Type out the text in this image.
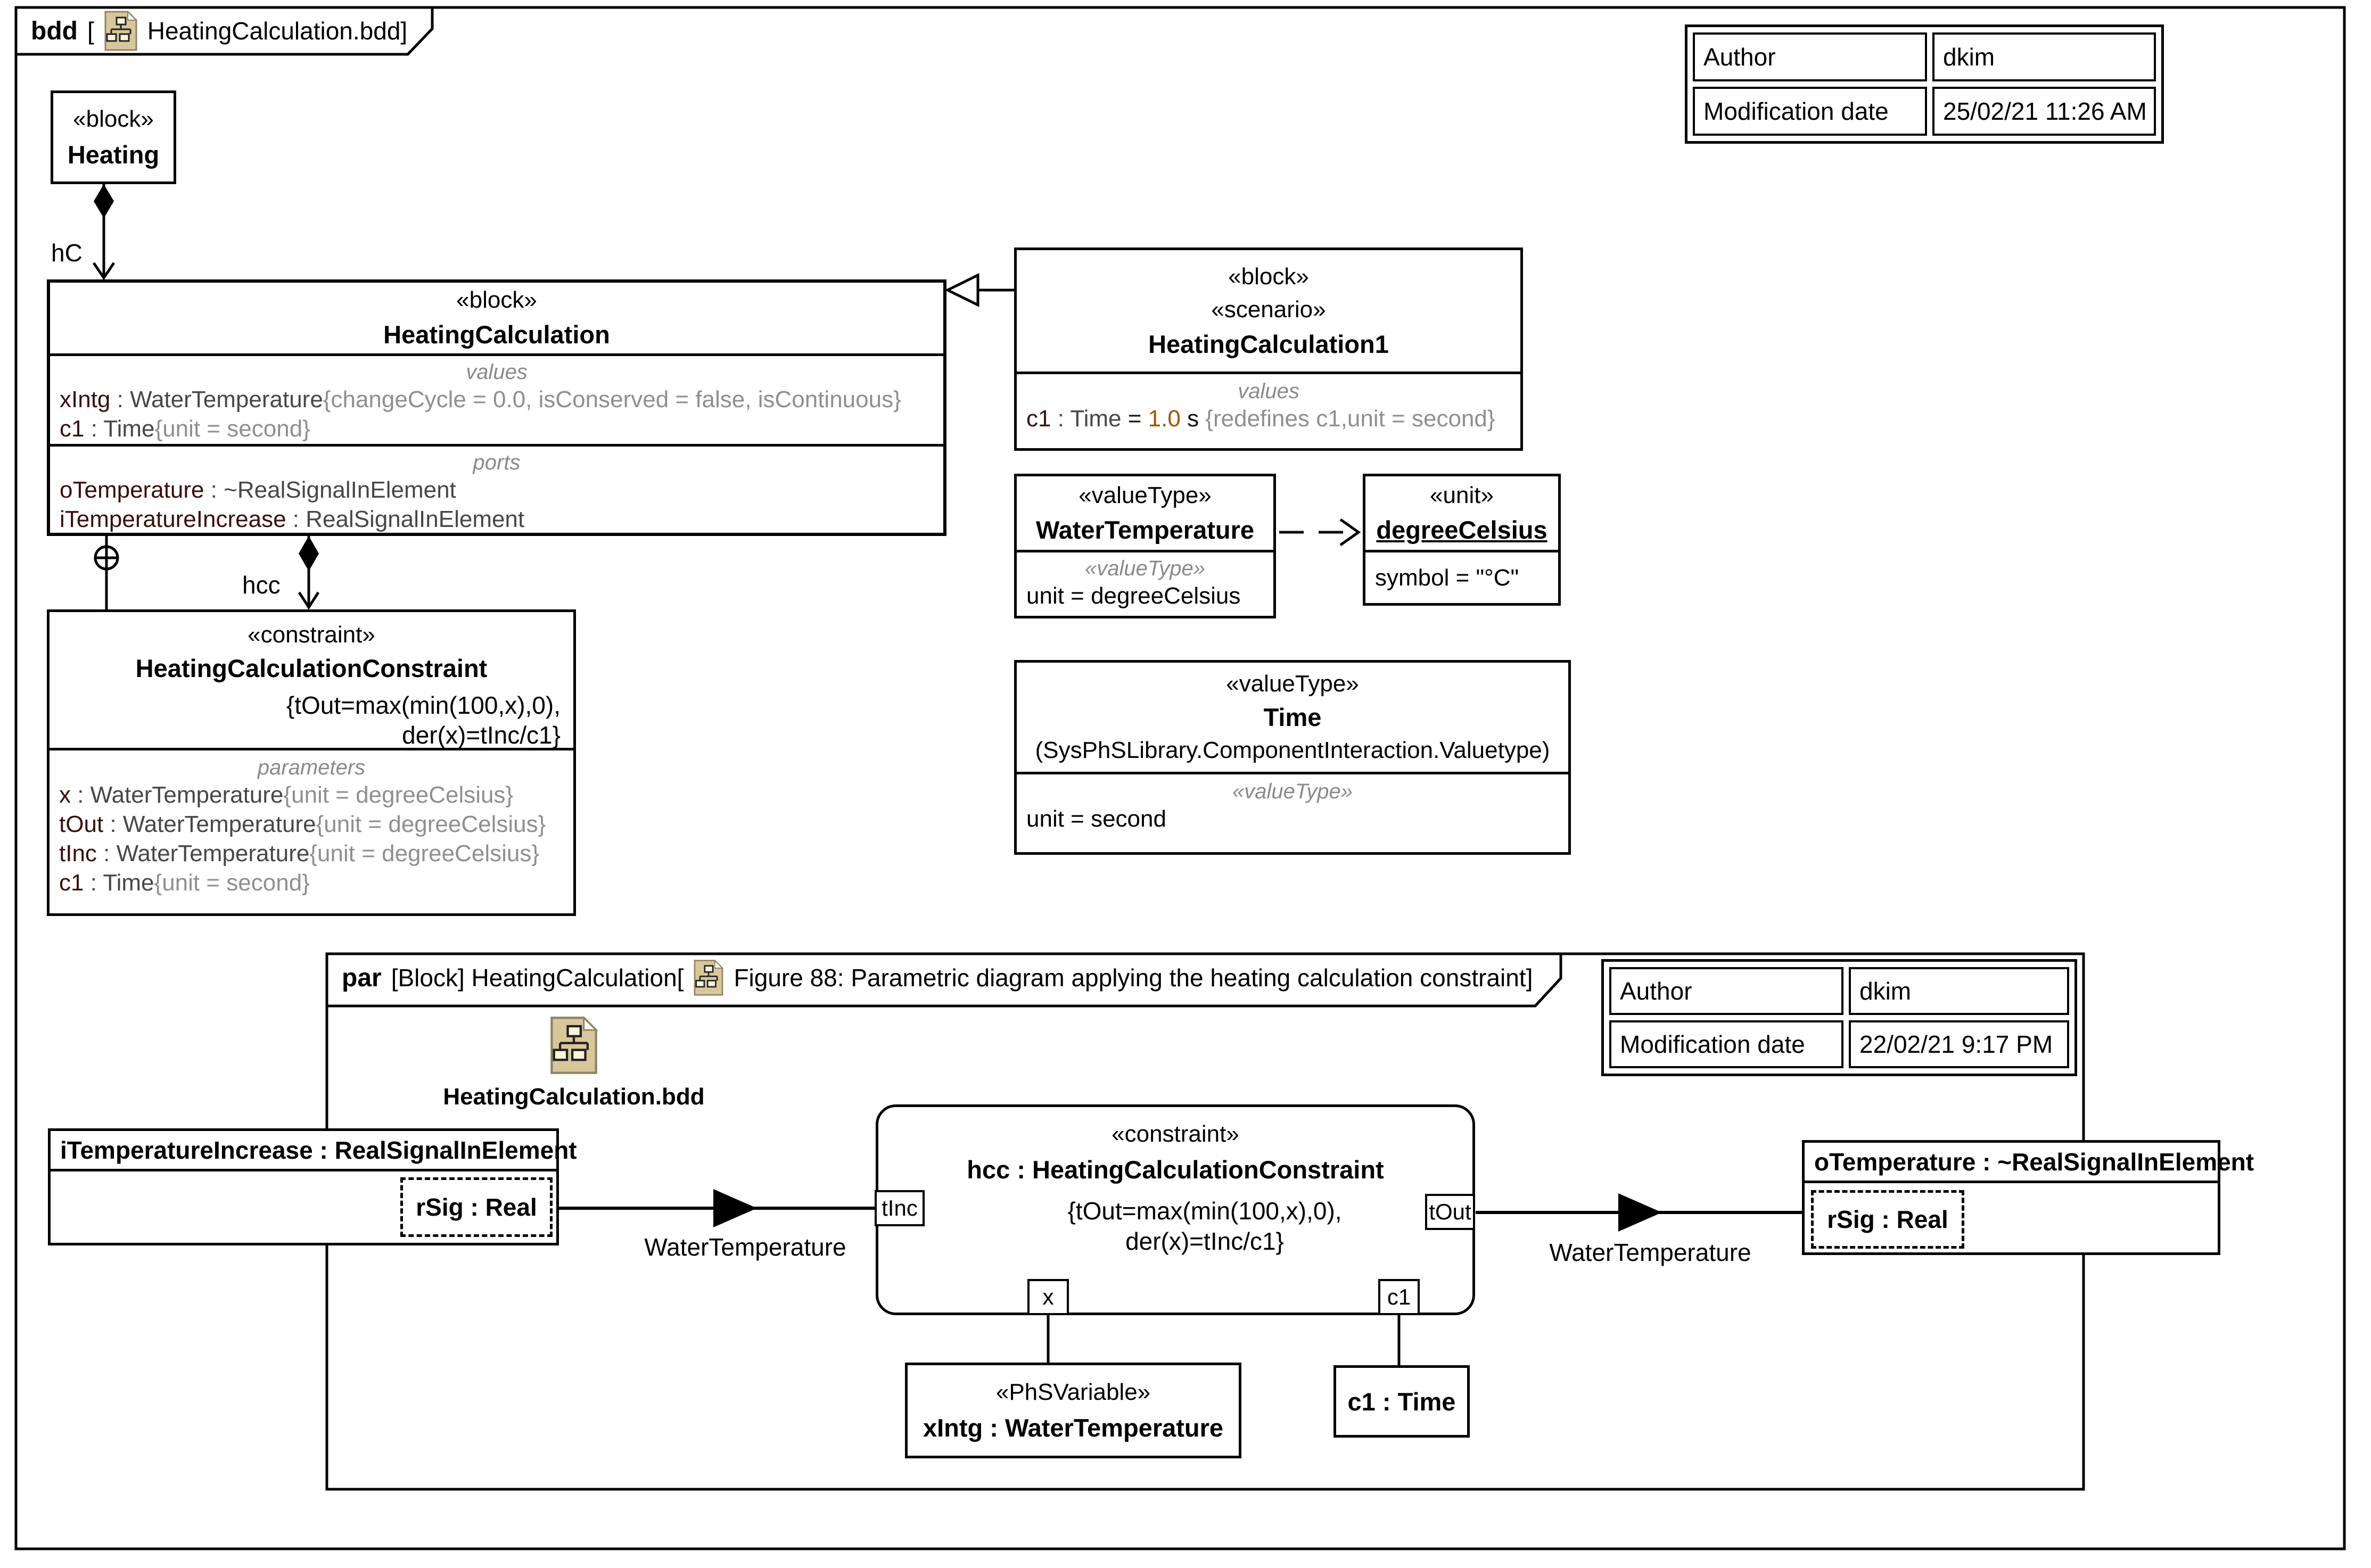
bdd [ HeatingCalculation.bdd]
Author	dkim
Modification date	25/02/21 11:26 AM
«block»
Heating
hC
«block»
HeatingCalculation
values
xIntg : WaterTemperature{changeCycle = 0.0, isConserved = false, isContinuous}
c1 : Time{unit = second}
ports
oTemperature : ~RealSignalInElement
iTemperatureIncrease : RealSignalInElement
hcc
«block»
«scenario»
HeatingCalculation1
values
c1 : Time = 1.0 s {redefines c1,unit = second}
«valueType»
WaterTemperature
«valueType»
unit = degreeCelsius
«unit»
degreeCelsius
symbol = "°C"
«valueType»
Time
(SysPhSLibrary.ComponentInteraction.Valuetype)
«valueType»
unit = second
«constraint»
HeatingCalculationConstraint
{tOut=max(min(100,x),0),
der(x)=tInc/c1}
parameters
x : WaterTemperature{unit = degreeCelsius}
tOut : WaterTemperature{unit = degreeCelsius}
tInc : WaterTemperature{unit = degreeCelsius}
c1 : Time{unit = second}
par [Block] HeatingCalculation[ Figure 88: Parametric diagram applying the heating calculation constraint]	Author	dkim
Modification date	22/02/21 9:17 PM
HeatingCalculation.bdd
iTemperatureIncrease : RealSignalInElement
rSig : Real
WaterTemperature
«constraint»
hcc : HeatingCalculationConstraint
{tOut=max(min(100,x),0),
der(x)=tInc/c1}
tInc	tOut
x	c1
WaterTemperature
oTemperature : ~RealSignalInElement
rSig : Real
«PhSVariable»
xIntg : WaterTemperature
c1 : Time
